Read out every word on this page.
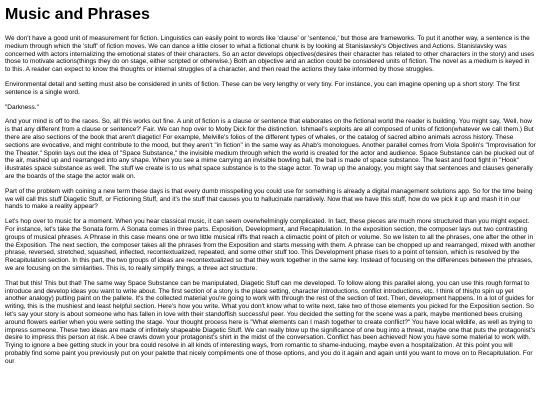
Music and Phrases

We don't have a good unit of measurement for fiction. Linguistics can easily point to words like 'clause' or 'sentence,' but those are frameworks. To put it another way, a sentence is the medium through which the 'stuff' of fiction moves. We can dance a little closer to what a fictional chunk is by looking at Stanislavsky's Objectives and Actions. Stanislavsky was concerned with actors internalizing the emotional states of their characters. So an actor develops objectives(desires their character has related to other characters in the story) and uses those to motivate actions(things they do on stage, either scripted or otherwise.) Both an objective and an action could be considered units of fiction. The novel as a medium is keyed in to this. A reader can expect to know the thoughts or internal struggles of a character, and then read the actions they take informed by those struggles.

Environmental detail and setting must also be considered in units of fiction. These can be very lengthy or very tiny. For instance, you can imagine opening up a short story: The first sentence is a single word.

"Darkness."

And your mind is off to the races. So, all this works out fine. A unit of fiction is a clause or sentence that elaborates on the fictional world the reader is building. You might say, 'Well, how is that any different from a clause or sentence?' Fair. We can hop over to Moby Dick for the distinction. Ishmael's exploits are all composed of units of fiction(whatever we call them.) But there are also sections of the book that aren't diagetic! For example, Melville's folios of the different types of whales, or the catalog of sacred albino animals across history. These sections are evocative, and might contribute to the mood, but they aren't "in fiction" in the same way as Ahab's monologues. Another parallel comes from Viola Spolin's "Improvisation for the Theater." Spolin lays out the idea of "Space Substance," the invisible medium through which the world is created for the actor and audience. Space Substance can be plucked out of the air, mashed up and rearranged into any shape. When you see a mime carrying an invisible bowling ball, the ball is made of space substance. The feast and food fight in "Hook" illustrates space substance as well. The stuff we create is to us what space substance is to the stage actor. To wrap up the analogy, you might say that sentences and clauses generally are the boards of the stage the actor walk on.

Part of the problem with coining a new term these days is that every dumb misspelling you could use for something is already a digital management solutions app. So for the time being we will call this stuff Diagetic Stuff, or Fictioning Stuff, and it's the stuff that causes you to hallucinate narratively. Now that we have this stuff, how do we pick it up and mash it in our hands to make a reality appear?

Let's hop over to music for a moment. When you hear classical music, it can seem overwhelmingly complicated. In fact, these pieces are much more structured than you might expect. For instance, let's take the Sonata form. A Sonata comes in three parts. Exposition, Development, and Recapitulation. In the exposition section, the composer lays out two contrasting groups of musical phrases. A Phrase in this case means one or two little musical riffs that reach a climactic point of pitch or volume. So we listen to all the phrases, one after the other in the Exposition. The next section, the composer takes all the phrases from the Exposition and starts messing with them. A phrase can be chopped up and rearranged, mixed with another phrase, reversed, stretched, squashed, inflected, recontextualized, repeated, and some other stuff too. This Development phase rises to a point of tension, which is resolved by the Recapitulation section. In this part, the two groups of ideas are recontextualized so that they work together in the same key. Instead of focusing on the differences between the phrases, we are focusing on the similarities. This is, to really simplify things, a three act structure.

That but this! This but that! The same way Space Substance can be manipulated, Diagetic Stuff can me developed. To follow along this parallel along, you can use this rough format to introduce and develop ideas you want to write about. The first section of a story is the place setting, character introductions, conflict introductions, etc. I think of this(to spin up yet another analogy) putting paint on the pallete. It's the collected material you're going to work with through the rest of the section of text. Then, development happens. In a lot of guides for writing, this is the mushiest and least helpful section. Here's how you write. What you don't know what to write next, take two of those elements you picked for the Exposition section. So let's say your story is about someone who has fallen in love with their standoffish successful peer. You decided the setting for the scene was a park, maybe mentioned bees cruising around flowers earlier when you were setting the stage. Your thought process here is "What elements can I mash together to create conflict?" You have local wildlife, as well as trying to impress someone. These two ideas are made of infinitely shapeable Diagetic Stuff. We can really blow up the significance of one bug into a threat, maybe one that puts the protagonist's desire to impress this person at risk. A bee crawls down your protagonist's shirt in the midst of the conversation. Conflict has been achieved! Now you have some material to work with. Trying to ignore a bee getting stuck in your bra could resolve in all kinds of interesting ways, from romantic to shame-inducing, maybe even a hospitalization. At this point you will probably find some paint you previously put on your palette that nicely compliments one of those options, and you do it again and again until you want to move on to Recapitulation. For our
